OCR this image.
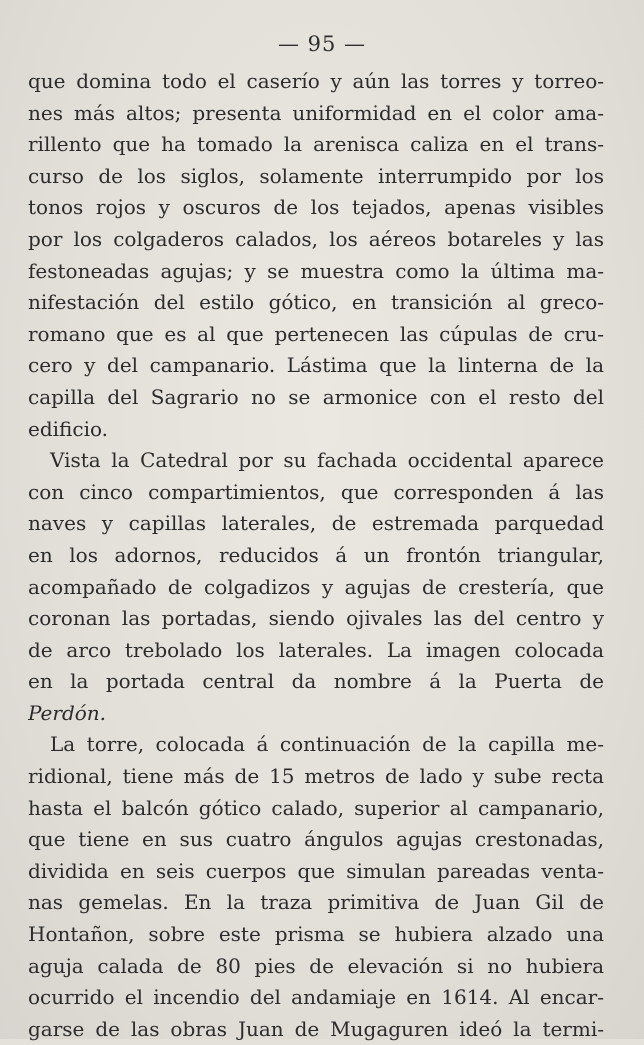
— 95 —
que domina todo el caserío y aún las torres y torreo-
nes más altos; presenta uniformidad en el color ama-
rillento que ha tomado la arenisca caliza en el trans-
curso de los siglos, solamente interrumpido por los
tonos rojos y oscuros de los tejados, apenas visibles
por los colgaderos calados, los aéreos botareles y las
festoneadas agujas; y se muestra como la última ma-
nifestación del estilo gótico, en transición al greco-
romano que es al que pertenecen las cúpulas de cru-
cero y del campanario. Lástima que la linterna de la
capilla del Sagrario no se armonice con el resto del
edificio.
Vista la Catedral por su fachada occidental aparece
con cinco compartimientos, que corresponden á las
naves y capillas laterales, de estremada parquedad
en los adornos, reducidos á un frontón triangular,
acompañado de colgadizos y agujas de crestería, que
coronan las portadas, siendo ojivales las del centro y
de arco trebolado los laterales. La imagen colocada
en la portada central da nombre á la Puerta de
Perdón.
La torre, colocada á continuación de la capilla me-
ridional, tiene más de 15 metros de lado y sube recta
hasta el balcón gótico calado, superior al campanario,
que tiene en sus cuatro ángulos agujas crestonadas,
dividida en seis cuerpos que simulan pareadas venta-
nas gemelas. En la traza primitiva de Juan Gil de
Hontañon, sobre este prisma se hubiera alzado una
aguja calada de 80 pies de elevación si no hubiera
ocurrido el incendio del andamiaje en 1614. Al encar-
garse de las obras Juan de Mugaguren ideó la termi-
